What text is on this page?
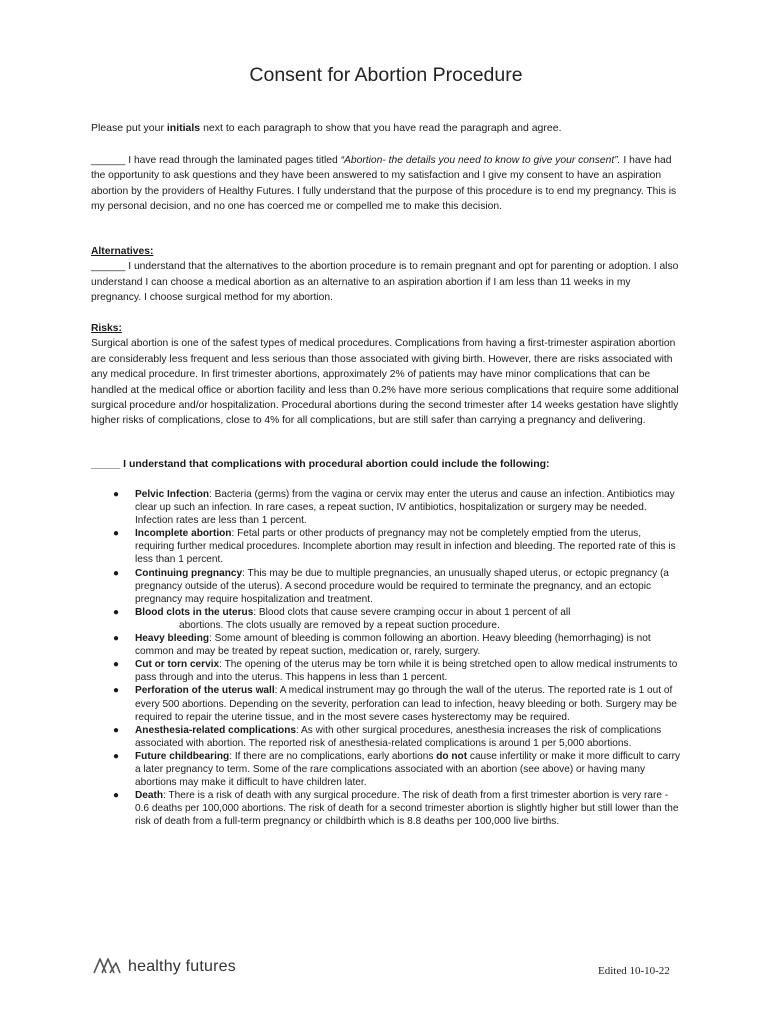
Consent for Abortion Procedure
Please put your initials next to each paragraph to show that you have read the paragraph and agree.
______ I have read through the laminated pages titled “Abortion- the details you need to know to give your consent”. I have had the opportunity to ask questions and they have been answered to my satisfaction and I give my consent to have an aspiration abortion by the providers of Healthy Futures. I fully understand that the purpose of this procedure is to end my pregnancy. This is my personal decision, and no one has coerced me or compelled me to make this decision.
Alternatives:
______ I understand that the alternatives to the abortion procedure is to remain pregnant and opt for parenting or adoption. I also understand I can choose a medical abortion as an alternative to an aspiration abortion if I am less than 11 weeks in my pregnancy. I choose surgical method for my abortion.
Risks:
Surgical abortion is one of the safest types of medical procedures. Complications from having a first-trimester aspiration abortion are considerably less frequent and less serious than those associated with giving birth. However, there are risks associated with any medical procedure. In first trimester abortions, approximately 2% of patients may have minor complications that can be handled at the medical office or abortion facility and less than 0.2% have more serious complications that require some additional surgical procedure and/or hospitalization. Procedural abortions during the second trimester after 14 weeks gestation have slightly higher risks of complications, close to 4% for all complications, but are still safer than carrying a pregnancy and delivering.
_____ I understand that complications with procedural abortion could include the following:
● Pelvic Infection: Bacteria (germs) from the vagina or cervix may enter the uterus and cause an infection. Antibiotics may clear up such an infection. In rare cases, a repeat suction, IV antibiotics, hospitalization or surgery may be needed. Infection rates are less than 1 percent.
● Incomplete abortion: Fetal parts or other products of pregnancy may not be completely emptied from the uterus, requiring further medical procedures. Incomplete abortion may result in infection and bleeding. The reported rate of this is less than 1 percent.
● Continuing pregnancy: This may be due to multiple pregnancies, an unusually shaped uterus, or ectopic pregnancy (a pregnancy outside of the uterus). A second procedure would be required to terminate the pregnancy, and an ectopic pregnancy may require hospitalization and treatment.
● Blood clots in the uterus: Blood clots that cause severe cramping occur in about 1 percent of all
abortions. The clots usually are removed by a repeat suction procedure.
● Heavy bleeding: Some amount of bleeding is common following an abortion. Heavy bleeding (hemorrhaging) is not common and may be treated by repeat suction, medication or, rarely, surgery.
● Cut or torn cervix: The opening of the uterus may be torn while it is being stretched open to allow medical instruments to pass through and into the uterus. This happens in less than 1 percent.
● Perforation of the uterus wall: A medical instrument may go through the wall of the uterus. The reported rate is 1 out of every 500 abortions. Depending on the severity, perforation can lead to infection, heavy bleeding or both. Surgery may be required to repair the uterine tissue, and in the most severe cases hysterectomy may be required.
● Anesthesia-related complications: As with other surgical procedures, anesthesia increases the risk of complications associated with abortion. The reported risk of anesthesia-related complications is around 1 per 5,000 abortions.
● Future childbearing: If there are no complications, early abortions do not cause infertility or make it more difficult to carry a later pregnancy to term. Some of the rare complications associated with an abortion (see above) or having many abortions may make it difficult to have children later.
● Death: There is a risk of death with any surgical procedure. The risk of death from a first trimester abortion is very rare - 0.6 deaths per 100,000 abortions. The risk of death for a second trimester abortion is slightly higher but still lower than the risk of death from a full-term pregnancy or childbirth which is 8.8 deaths per 100,000 live births.
healthy futures	Edited 10-10-22
